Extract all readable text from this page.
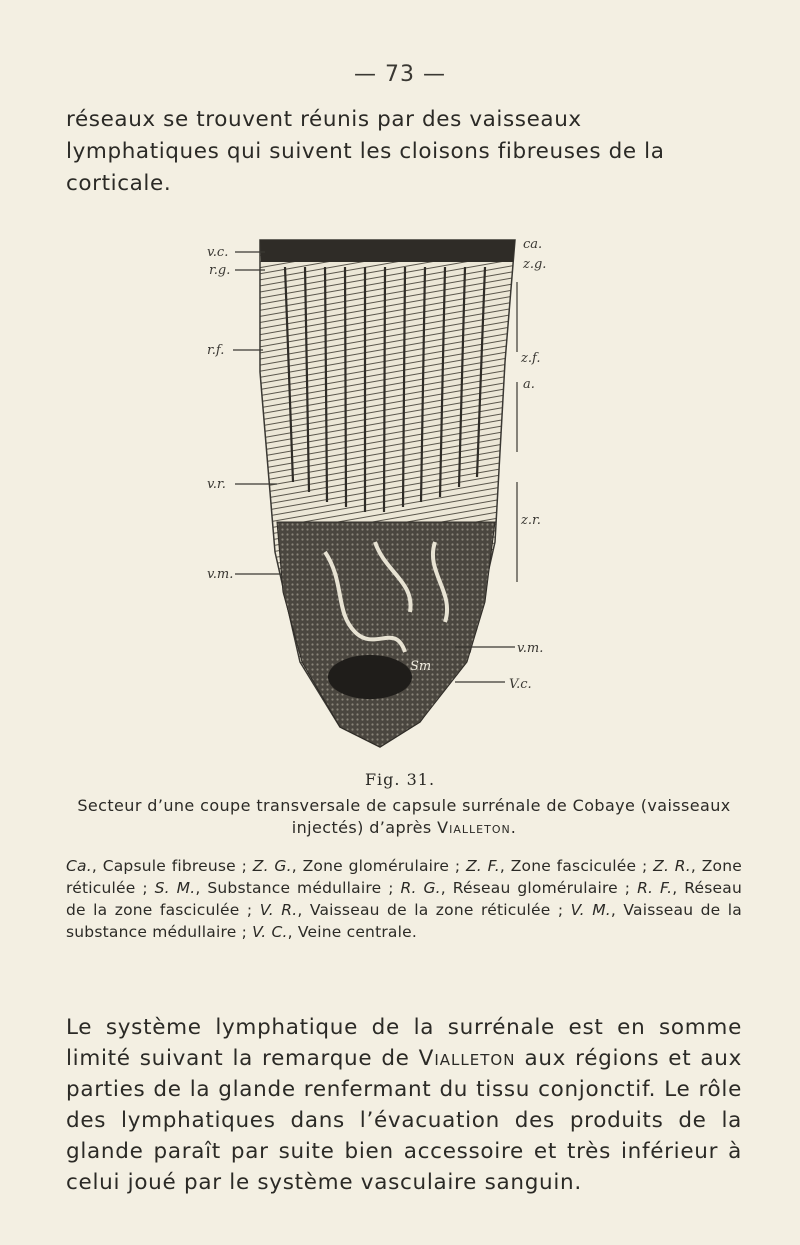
— 73 —

réseaux se trouvent réunis par des vaisseaux lymphatiques qui suivent les cloisons fibreuses de la corticale.

v.c.
r.g.
r.f.
v.r.
v.m.
ca.
z.g.
z.f.
a.
z.r.
v.m.
V.c.
Sm
Fig. 31.

Secteur d’une coupe transversale de capsule surrénale de Cobaye (vaisseaux injectés) d’après Vialleton.

Ca., Capsule fibreuse ; Z. G., Zone glomérulaire ; Z. F., Zone fasciculée ; Z. R., Zone réticulée ; S. M., Substance médullaire ; R. G., Réseau glomérulaire ; R. F., Réseau de la zone fasciculée ; V. R., Vaisseau de la zone réticulée ; V. M., Vaisseau de la substance médullaire ; V. C., Veine centrale.

Le système lymphatique de la surrénale est en somme limité suivant la remarque de Vialleton aux régions et aux parties de la glande renfermant du tissu conjonctif. Le rôle des lymphatiques dans l’évacuation des produits de la glande paraît par suite bien accessoire et très inférieur à celui joué par le système vasculaire sanguin.
